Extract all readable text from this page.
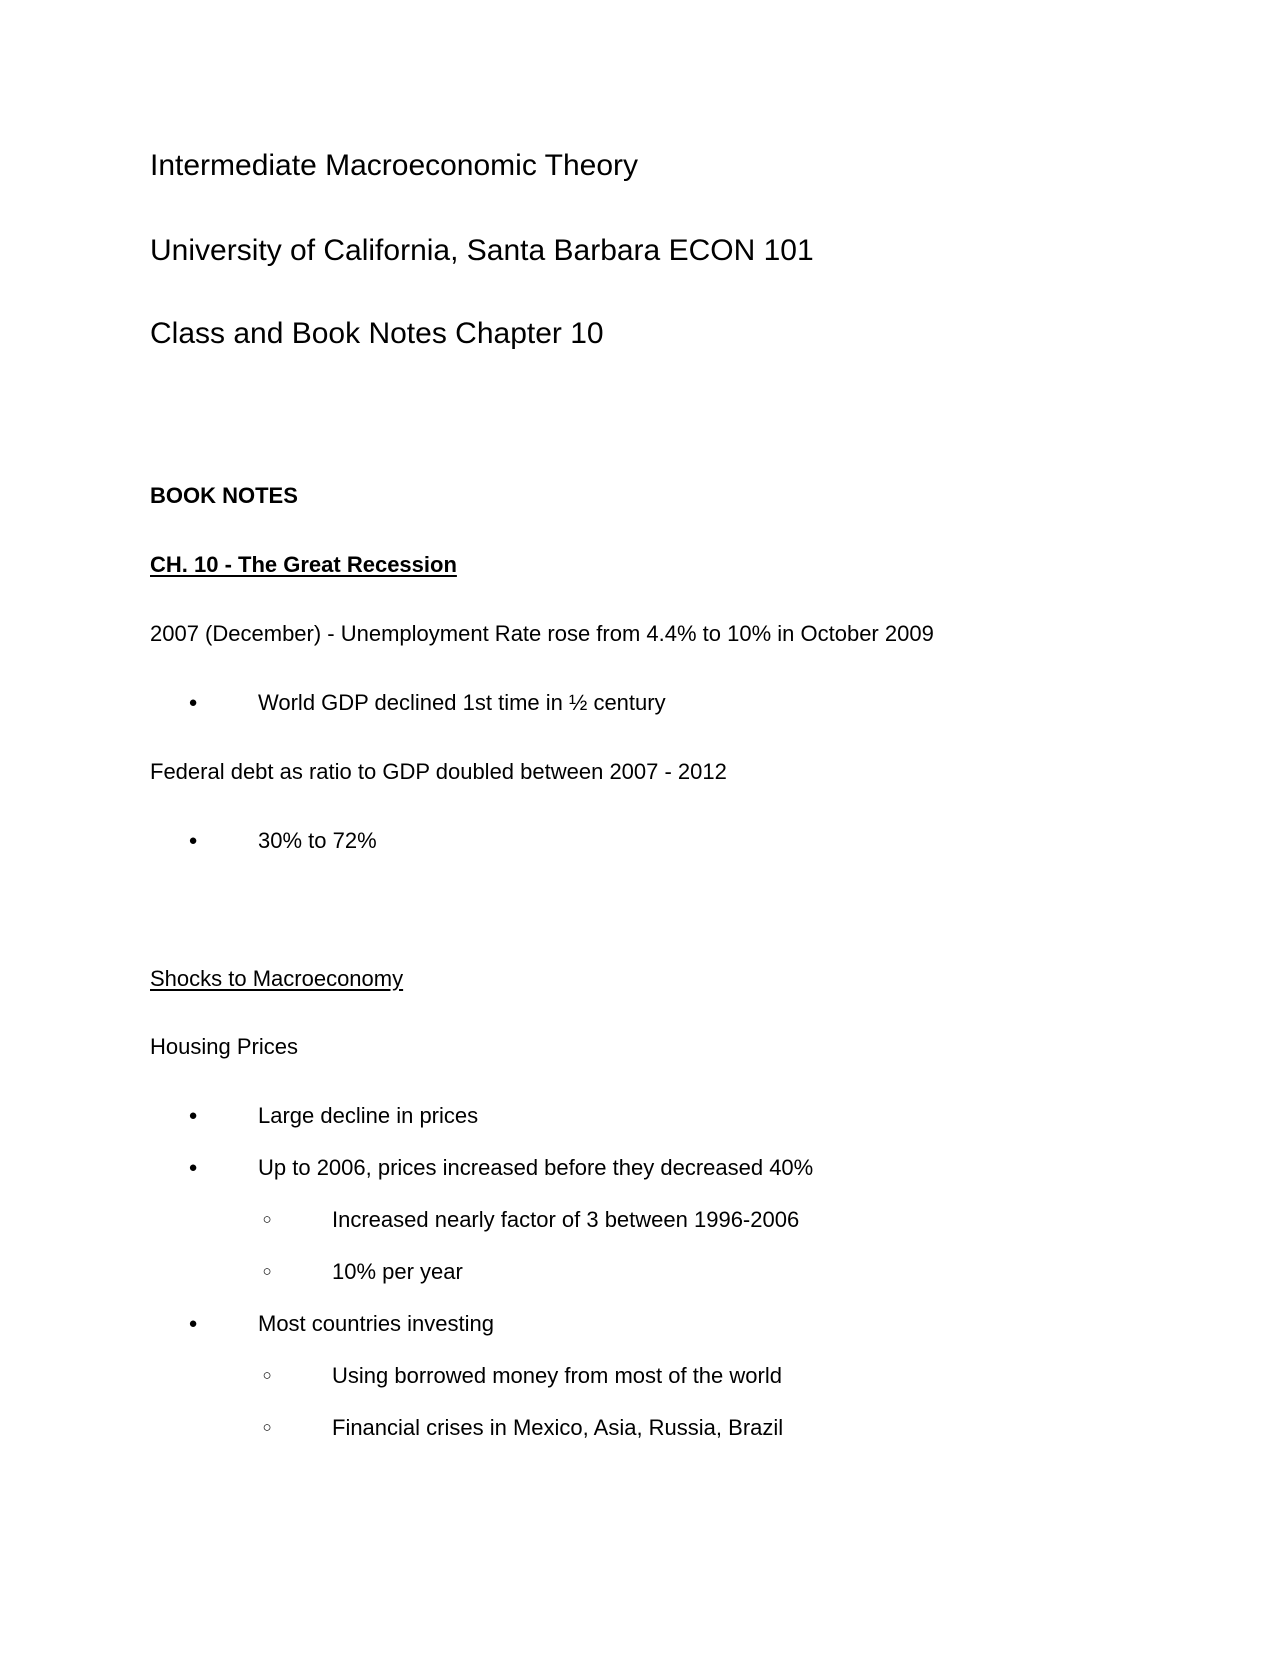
Intermediate Macroeconomic Theory
University of California, Santa Barbara ECON 101
Class and Book Notes Chapter 10
BOOK NOTES
CH. 10 - The Great Recession
2007 (December) - Unemployment Rate rose from 4.4% to 10% in October 2009
●	World GDP declined 1st time in ½ century
Federal debt as ratio to GDP doubled between 2007 - 2012
●	30% to 72%
Shocks to Macroeconomy
Housing Prices
●	Large decline in prices
●	Up to 2006, prices increased before they decreased 40%
○	Increased nearly factor of 3 between 1996-2006
○	10% per year
●	Most countries investing
○	Using borrowed money from most of the world
○	Financial crises in Mexico, Asia, Russia, Brazil
